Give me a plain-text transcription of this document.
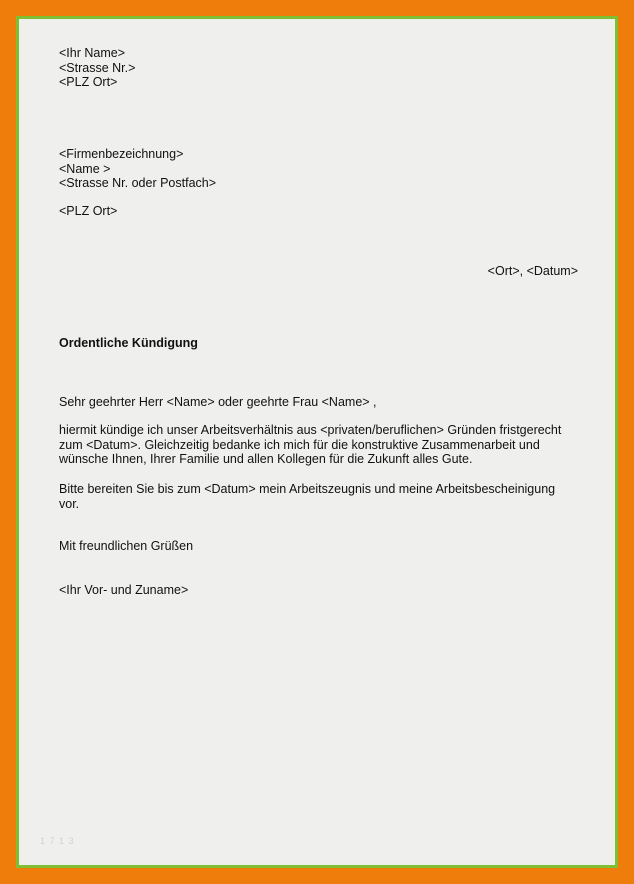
<Ihr Name>
<Strasse Nr.>
<PLZ Ort>
<Firmenbezeichnung>
<Name >
<Strasse Nr. oder Postfach>
<PLZ Ort>
<Ort>, <Datum>
Ordentliche Kündigung
Sehr geehrter Herr <Name> oder geehrte Frau <Name> ,
hiermit kündige ich unser Arbeitsverhältnis aus <privaten/beruflichen> Gründen fristgerecht
zum <Datum>. Gleichzeitig bedanke ich mich für die konstruktive Zusammenarbeit und
wünsche Ihnen, Ihrer Familie und allen Kollegen für die Zukunft alles Gute.
Bitte bereiten Sie bis zum <Datum> mein Arbeitszeugnis und meine Arbeitsbescheinigung
vor.
Mit freundlichen Grüßen
<Ihr Vor- und Zuname>
1 7 1 3
